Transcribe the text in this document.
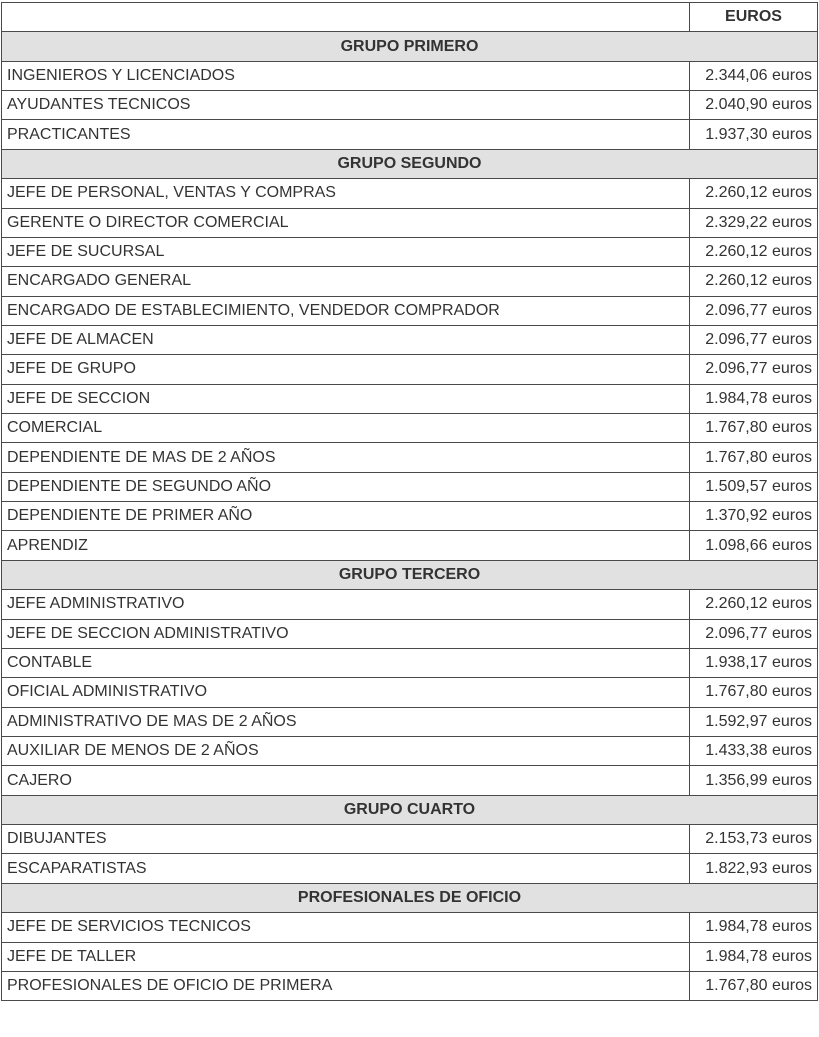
	EUROS
GRUPO PRIMERO	
INGENIEROS Y LICENCIADOS	2.344,06 euros
AYUDANTES TECNICOS	2.040,90 euros
PRACTICANTES	1.937,30 euros
GRUPO SEGUNDO	
JEFE DE PERSONAL, VENTAS Y COMPRAS	2.260,12 euros
GERENTE O DIRECTOR COMERCIAL	2.329,22 euros
JEFE DE SUCURSAL	2.260,12 euros
ENCARGADO GENERAL	2.260,12 euros
ENCARGADO DE ESTABLECIMIENTO, VENDEDOR COMPRADOR	2.096,77 euros
JEFE DE ALMACEN	2.096,77 euros
JEFE DE GRUPO	2.096,77 euros
JEFE DE SECCION	1.984,78 euros
COMERCIAL	1.767,80 euros
DEPENDIENTE DE MAS DE 2 AÑOS	1.767,80 euros
DEPENDIENTE DE SEGUNDO AÑO	1.509,57 euros
DEPENDIENTE DE PRIMER AÑO	1.370,92 euros
APRENDIZ	1.098,66 euros
GRUPO TERCERO	
JEFE ADMINISTRATIVO	2.260,12 euros
JEFE DE SECCION ADMINISTRATIVO	2.096,77 euros
CONTABLE	1.938,17 euros
OFICIAL ADMINISTRATIVO	1.767,80 euros
ADMINISTRATIVO DE MAS DE 2 AÑOS	1.592,97 euros
AUXILIAR DE MENOS DE 2 AÑOS	1.433,38 euros
CAJERO	1.356,99 euros
GRUPO CUARTO	
DIBUJANTES	2.153,73 euros
ESCAPARATISTAS	1.822,93 euros
PROFESIONALES DE OFICIO	
JEFE DE SERVICIOS TECNICOS	1.984,78 euros
JEFE DE TALLER	1.984,78 euros
PROFESIONALES DE OFICIO DE PRIMERA	1.767,80 euros
